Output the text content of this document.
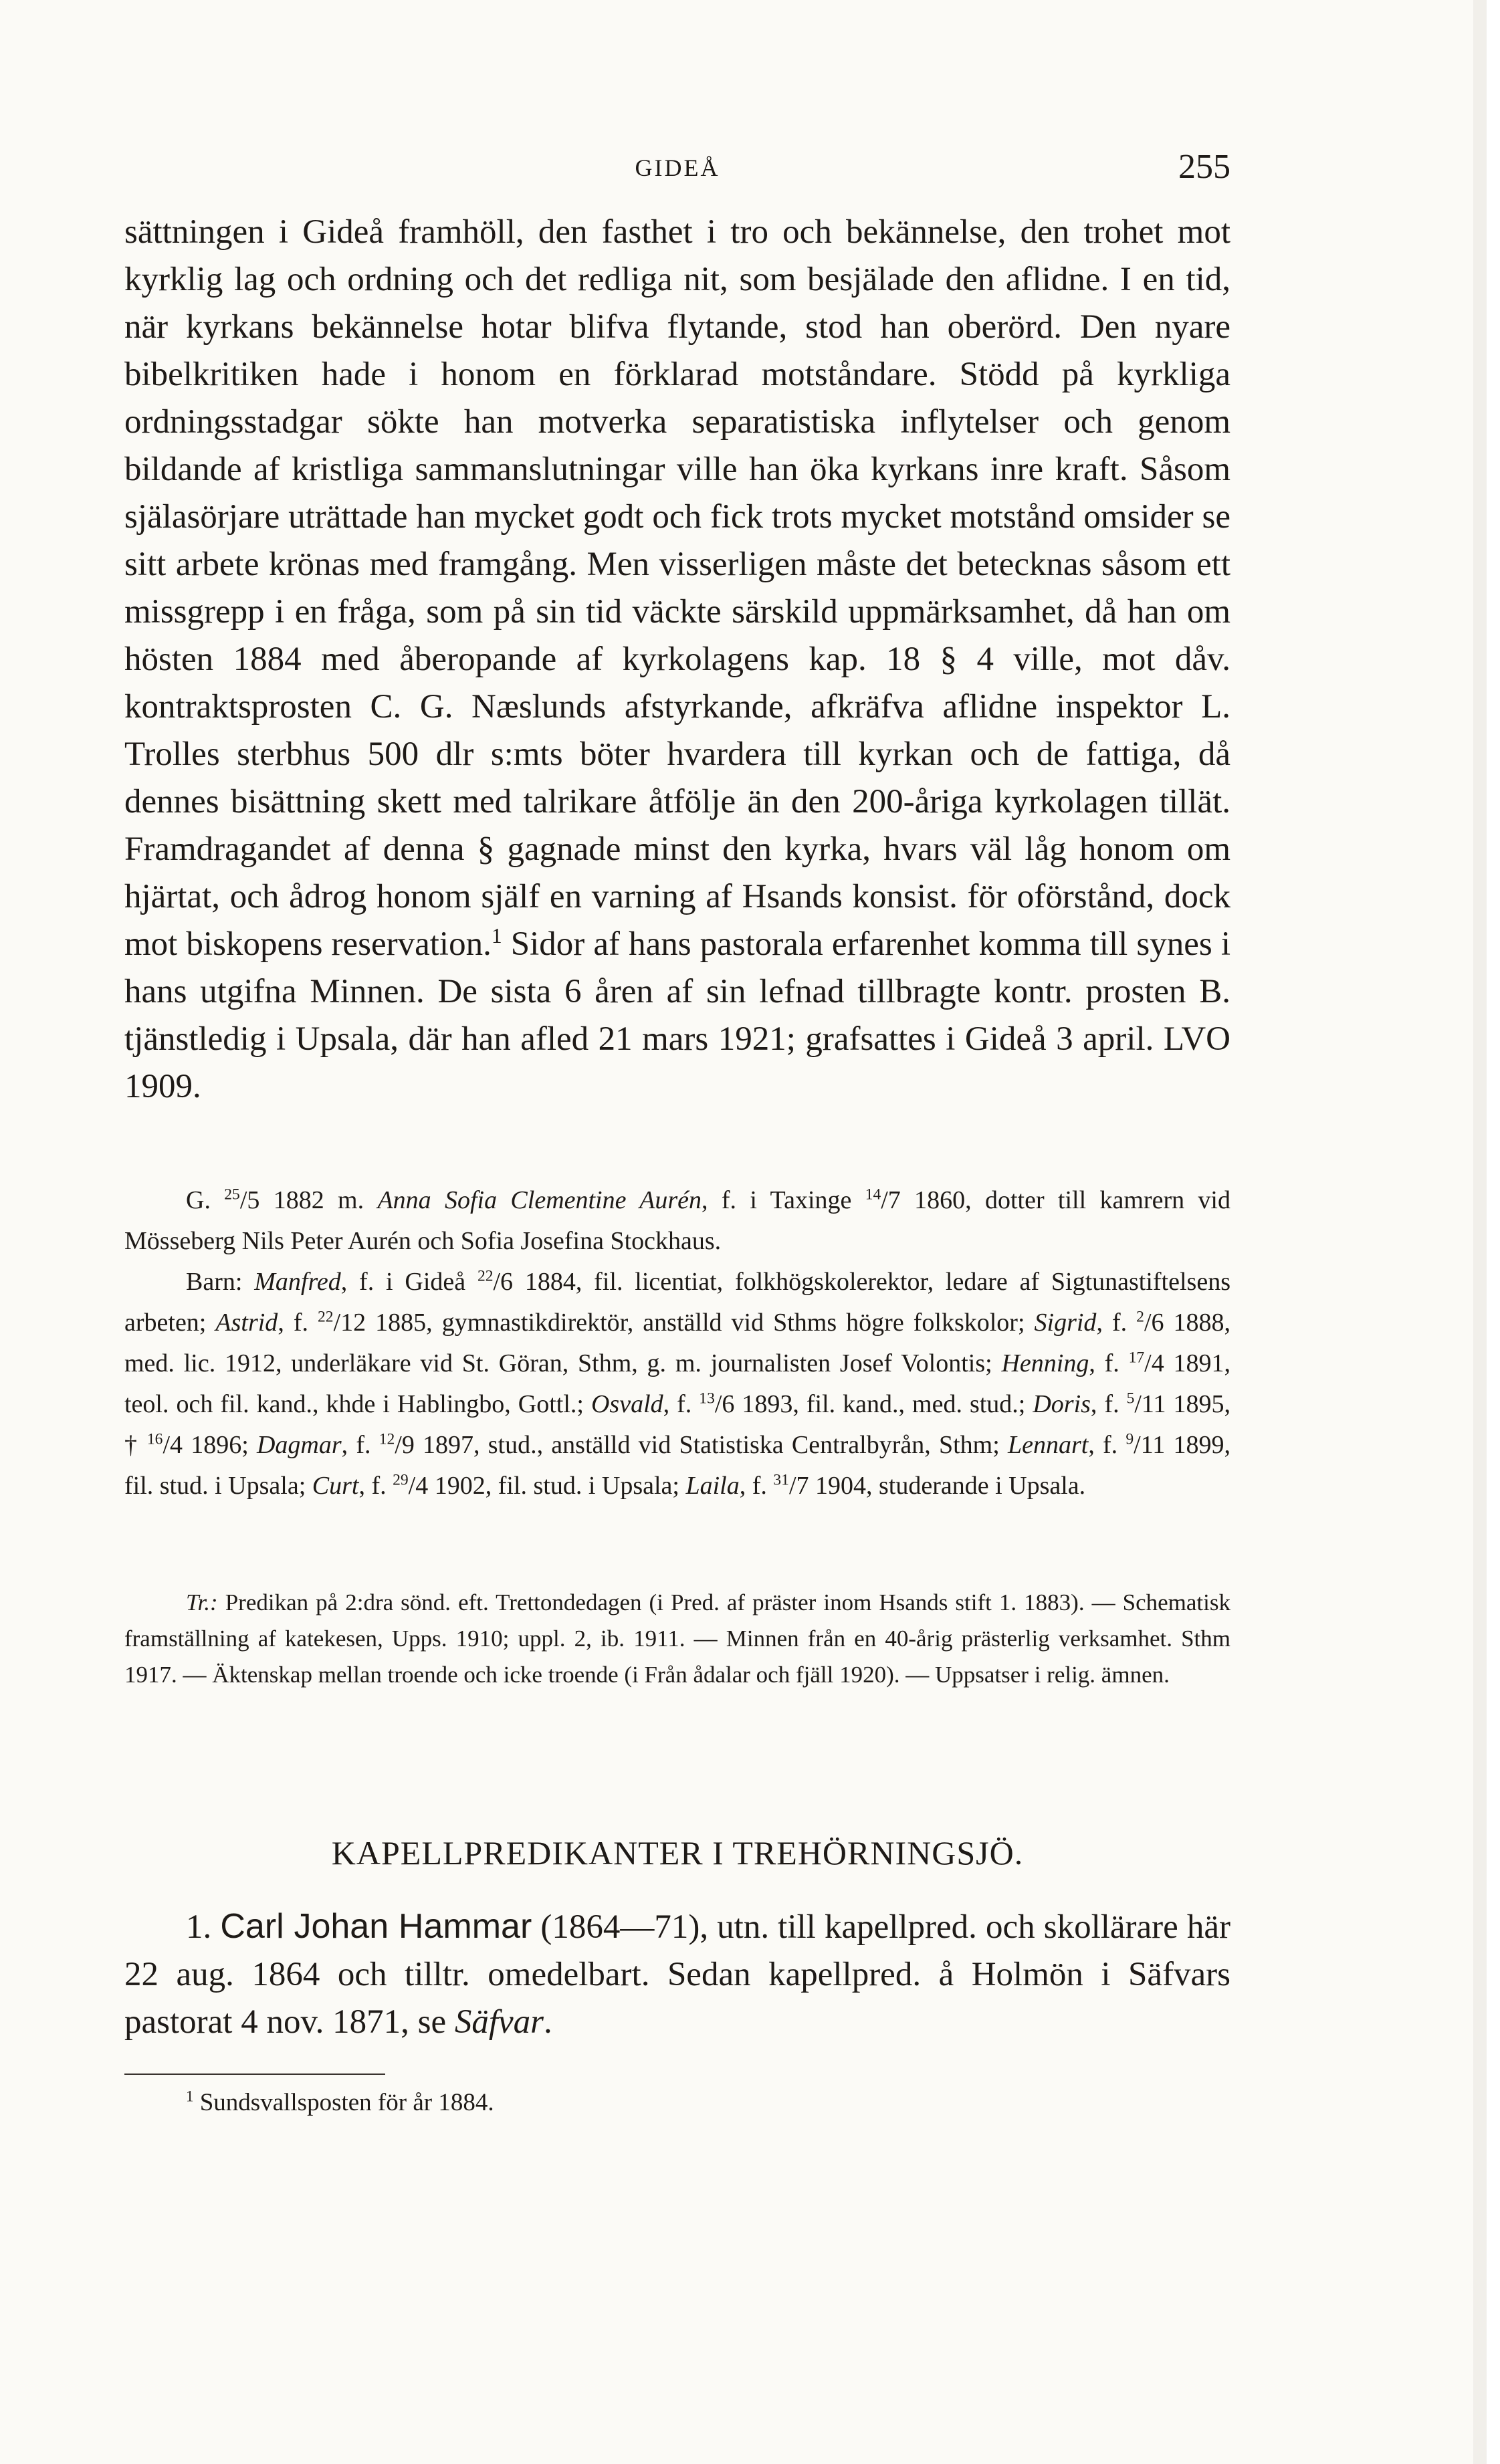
GIDEÅ	255

sättningen i Gideå framhöll, den fasthet i tro och bekännelse, den trohet mot kyrklig lag och ordning och det redliga nit, som besjälade den aflidne. I en tid, när kyrkans bekännelse hotar blifva flytande, stod han oberörd. Den nyare bibelkritiken hade i honom en förklarad motståndare. Stödd på kyrkliga ordningsstadgar sökte han motverka separatistiska inflytelser och genom bildande af kristliga sammanslutningar ville han öka kyrkans inre kraft. Såsom själasörjare uträttade han mycket godt och fick trots mycket motstånd omsider se sitt arbete krönas med framgång. Men visserligen måste det betecknas såsom ett missgrepp i en fråga, som på sin tid väckte särskild uppmärksamhet, då han om hösten 1884 med åberopande af kyrkolagens kap. 18 § 4 ville, mot dåv. kontraktsprosten C. G. Næslunds afstyrkande, afkräfva aflidne inspektor L. Trolles sterbhus 500 dlr s:mts böter hvardera till kyrkan och de fattiga, då dennes bisättning skett med talrikare åtfölje än den 200-åriga kyrkolagen tillät. Framdragandet af denna § gagnade minst den kyrka, hvars väl låg honom om hjärtat, och ådrog honom själf en varning af Hsands konsist. för oförstånd, dock mot biskopens reservation.$^1$ Sidor af hans pastorala erfarenhet komma till synes i hans utgifna Minnen. De sista 6 åren af sin lefnad tillbragte kontr. prosten B. tjänstledig i Upsala, där han afled 21 mars 1921; grafsattes i Gideå 3 april. LVO 1909.

G. $^{25}$/5 1882 m. Anna Sofia Clementine Aurén, f. i Taxinge $^{14}$/7 1860, dotter till kamrern vid Mösseberg Nils Peter Aurén och Sofia Josefina Stockhaus.

Barn: Manfred, f. i Gideå $^{22}$/6 1884, fil. licentiat, folkhögskolerektor, ledare af Sigtunastiftelsens arbeten; Astrid, f. $^{22}$/12 1885, gymnastikdirektör, anställd vid Sthms högre folkskolor; Sigrid, f. $^2$/6 1888, med. lic. 1912, underläkare vid St. Göran, Sthm, g. m. journalisten Josef Volontis; Henning, f. $^{17}$/4 1891, teol. och fil. kand., khde i Hablingbo, Gottl.; Osvald, f. $^{13}$/6 1893, fil. kand., med. stud.; Doris, f. $^5$/11 1895, † $^{16}$/4 1896; Dagmar, f. $^{12}$/9 1897, stud., anställd vid Statistiska Centralbyrån, Sthm; Lennart, f. $^9$/11 1899, fil. stud. i Upsala; Curt, f. $^{29}$/4 1902, fil. stud. i Upsala; Laila, f. $^{31}$/7 1904, studerande i Upsala.

Tr.: Predikan på 2:dra sönd. eft. Trettondedagen (i Pred. af präster inom Hsands stift 1. 1883). — Schematisk framställning af katekesen, Upps. 1910; uppl. 2, ib. 1911. — Minnen från en 40-årig prästerlig verksamhet. Sthm 1917. — Äktenskap mellan troende och icke troende (i Från ådalar och fjäll 1920). — Uppsatser i relig. ämnen.

KAPELLPREDIKANTER I TREHÖRNINGSJÖ.

1. Carl Johan Hammar (1864—71), utn. till kapellpred. och skollärare här 22 aug. 1864 och tilltr. omedelbart. Sedan kapellpred. å Holmön i Säfvars pastorat 4 nov. 1871, se Säfvar.

$^1$ Sundsvallsposten för år 1884.
